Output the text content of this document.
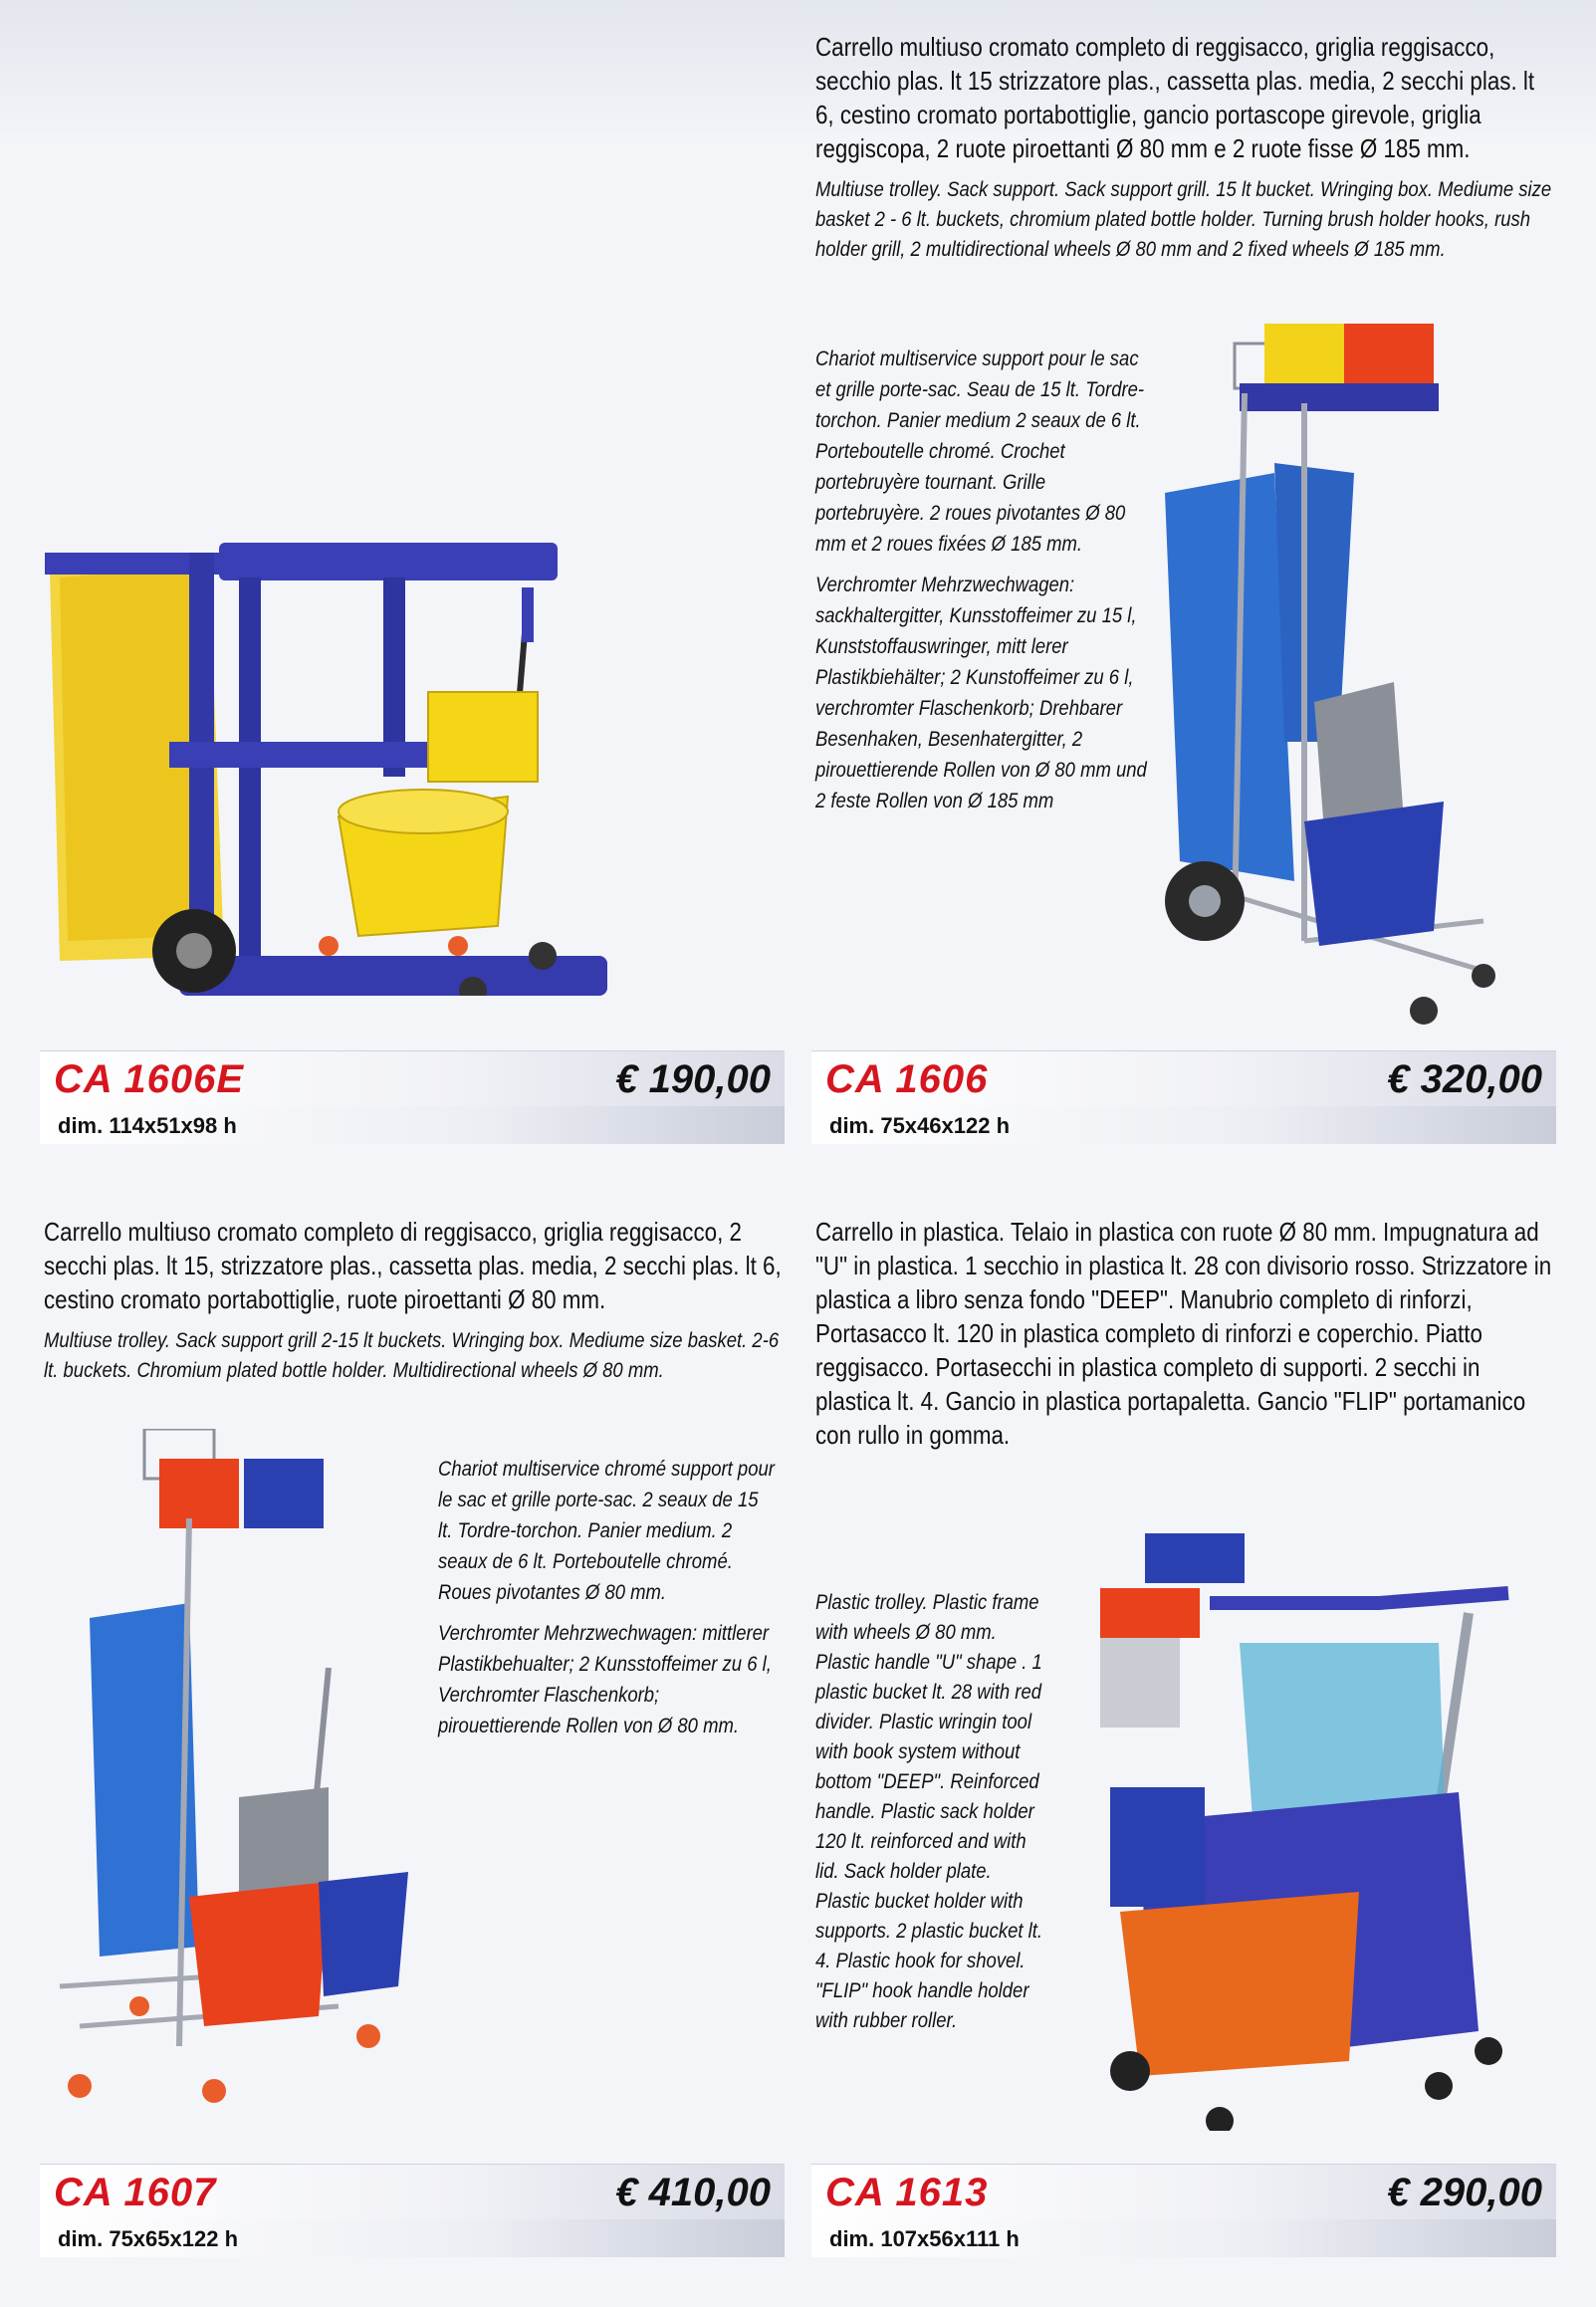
CA 1606E	€ 190,00
dim. 114x51x98 h

Carrello multiuso cromato completo di reggisacco, griglia reggisacco, secchio plas. lt 15 strizzatore plas., cassetta plas. media, 2 secchi plas. lt 6, cestino cromato portabottiglie, gancio portascope girevole, griglia reggiscopa, 2 ruote piroettanti Ø 80 mm e 2 ruote fisse Ø 185 mm.

Multiuse trolley. Sack support. Sack support grill. 15 lt bucket. Wringing box. Mediume size basket 2 - 6 lt. buckets, chromium plated bottle holder. Turning brush holder hooks, rush holder grill, 2 multidirectional wheels Ø 80 mm and 2 fixed wheels Ø 185 mm.

Chariot multiservice support pour le sac et grille porte-sac. Seau de 15 lt. Tordre-torchon. Panier medium 2 seaux de 6 lt. Porteboutelle chromé. Crochet portebruyère tournant. Grille portebruyère. 2 roues pivotantes Ø 80 mm et 2 roues fixées Ø 185 mm.

Verchromter Mehrzwechwagen: sackhaltergitter, Kunsstoffeimer zu 15 l, Kunststoffauswringer, mitt lerer Plastikbiehälter; 2 Kunstoffeimer zu 6 l, verchromter Flaschenkorb; Drehbarer Besenhaken, Besenhatergitter, 2 pirouettierende Rollen von Ø 80 mm und 2 feste Rollen von Ø 185 mm

CA 1606	€ 320,00
dim. 75x46x122 h

Carrello multiuso cromato completo di reggisacco, griglia reggisacco, 2 secchi plas. lt 15, strizzatore plas., cassetta plas. media, 2 secchi plas. lt 6, cestino cromato portabottiglie, ruote piroettanti Ø 80 mm.

Multiuse trolley. Sack support grill 2-15 lt buckets. Wringing box. Mediume size basket. 2-6 lt. buckets. Chromium plated bottle holder. Multidirectional wheels Ø 80 mm.

Chariot multiservice chromé support pour le sac et grille porte-sac. 2 seaux de 15 lt. Tordre-torchon. Panier medium. 2 seaux de 6 lt. Porteboutelle chromé. Roues pivotantes Ø 80 mm.

Verchromter Mehrzwechwagen: mittlerer Plastikbehualter; 2 Kunsstoffeimer zu 6 l, Verchromter Flaschenkorb; pirouettierende Rollen von Ø 80 mm.

CA 1607	€ 410,00
dim. 75x65x122 h

Carrello in plastica. Telaio in plastica con ruote Ø 80 mm. Impugnatura ad "U" in plastica. 1 secchio in plastica lt. 28 con divisorio rosso. Strizzatore in plastica a libro senza fondo "DEEP". Manubrio completo di rinforzi, Portasacco lt. 120 in plastica completo di rinforzi e coperchio. Piatto reggisacco. Portasecchi in plastica completo di supporti. 2 secchi in plastica lt. 4. Gancio in plastica portapaletta. Gancio "FLIP" portamanico con rullo in gomma.

Plastic trolley. Plastic frame with wheels Ø 80 mm. Plastic handle "U" shape . 1 plastic bucket lt. 28 with red divider. Plastic wringin tool with book system without bottom "DEEP". Reinforced handle. Plastic sack holder 120 lt. reinforced and with lid. Sack holder plate. Plastic bucket holder with supports. 2 plastic bucket lt. 4. Plastic hook for shovel. "FLIP" hook handle holder with rubber roller.

CA 1613	€ 290,00
dim. 107x56x111 h
